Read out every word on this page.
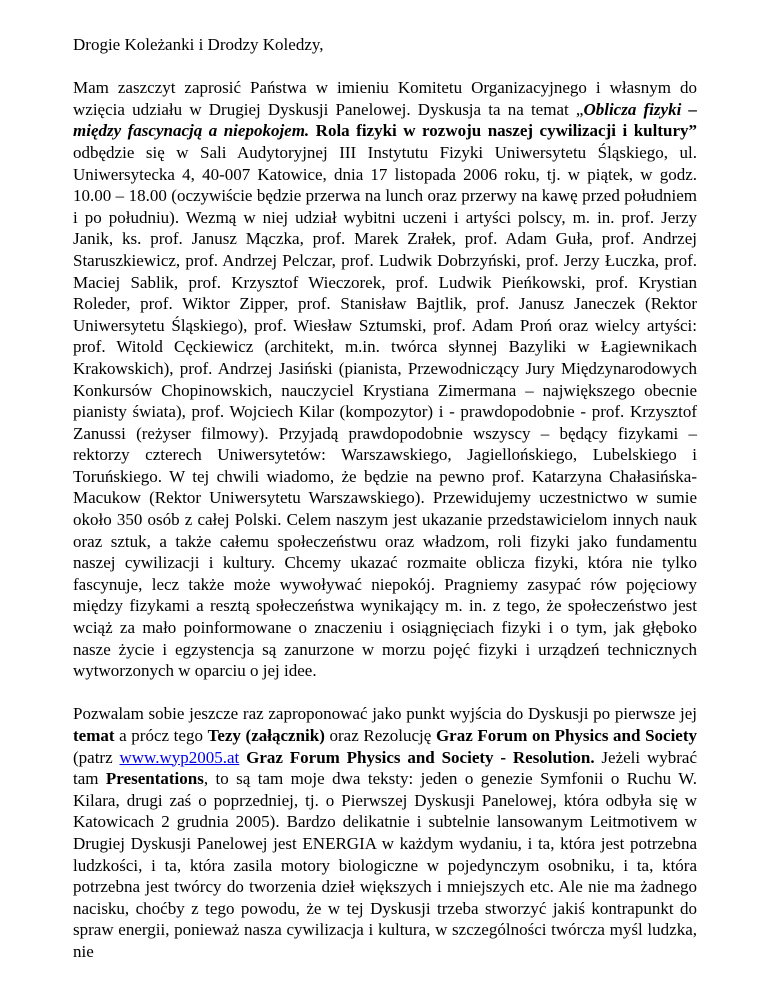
Drogie Koleżanki i Drodzy Koledzy,

Mam zaszczyt zaprosić Państwa w imieniu Komitetu Organizacyjnego i własnym do wzięcia udziału w Drugiej Dyskusji Panelowej. Dyskusja ta na temat „Oblicza fizyki – między fascynacją a niepokojem. Rola fizyki w rozwoju naszej cywilizacji i kultury” odbędzie się w Sali Audytoryjnej III Instytutu Fizyki Uniwersytetu Śląskiego, ul. Uniwersytecka 4, 40-007 Katowice, dnia 17 listopada 2006 roku, tj. w piątek, w godz. 10.00 – 18.00 (oczywiście będzie przerwa na lunch oraz przerwy na kawę przed południem i po południu). Wezmą w niej udział wybitni uczeni i artyści polscy, m. in. prof. Jerzy Janik, ks. prof. Janusz Mączka, prof. Marek Zrałek, prof. Adam Guła, prof. Andrzej Staruszkiewicz, prof. Andrzej Pelczar, prof. Ludwik Dobrzyński, prof. Jerzy Łuczka, prof. Maciej Sablik, prof. Krzysztof Wieczorek, prof. Ludwik Pieńkowski, prof. Krystian Roleder, prof. Wiktor Zipper, prof. Stanisław Bajtlik, prof. Janusz Janeczek (Rektor Uniwersytetu Śląskiego), prof. Wiesław Sztumski, prof. Adam Proń oraz wielcy artyści: prof. Witold Cęckiewicz (architekt, m.in. twórca słynnej Bazyliki w Łagiewnikach Krakowskich), prof. Andrzej Jasiński (pianista, Przewodniczący Jury Międzynarodowych Konkursów Chopinowskich, nauczyciel Krystiana Zimermana – największego obecnie pianisty świata), prof. Wojciech Kilar (kompozytor) i - prawdopodobnie - prof. Krzysztof Zanussi (reżyser filmowy). Przyjadą prawdopodobnie wszyscy – będący fizykami – rektorzy czterech Uniwersytetów: Warszawskiego, Jagiellońskiego, Lubelskiego i Toruńskiego. W tej chwili wiadomo, że będzie na pewno prof. Katarzyna Chałasińska-Macukow (Rektor Uniwersytetu Warszawskiego). Przewidujemy uczestnictwo w sumie około 350 osób z całej Polski. Celem naszym jest ukazanie przedstawicielom innych nauk oraz sztuk, a także całemu społeczeństwu oraz władzom, roli fizyki jako fundamentu naszej cywilizacji i kultury. Chcemy ukazać rozmaite oblicza fizyki, która nie tylko fascynuje, lecz także może wywoływać niepokój. Pragniemy zasypać rów pojęciowy między fizykami a resztą społeczeństwa wynikający m. in. z tego, że społeczeństwo jest wciąż za mało poinformowane o znaczeniu i osiągnięciach fizyki i o tym, jak głęboko nasze życie i egzystencja są zanurzone w morzu pojęć fizyki i urządzeń technicznych wytworzonych w oparciu o jej idee.

Pozwalam sobie jeszcze raz zaproponować jako punkt wyjścia do Dyskusji po pierwsze jej temat a prócz tego Tezy (załącznik) oraz Rezolucję Graz Forum on Physics and Society (patrz www.wyp2005.at Graz Forum Physics and Society - Resolution. Jeżeli wybrać tam Presentations, to są tam moje dwa teksty: jeden o genezie Symfonii o Ruchu W. Kilara, drugi zaś o poprzedniej, tj. o Pierwszej Dyskusji Panelowej, która odbyła się w Katowicach 2 grudnia 2005). Bardzo delikatnie i subtelnie lansowanym Leitmotivem w Drugiej Dyskusji Panelowej jest ENERGIA w każdym wydaniu, i ta, która jest potrzebna ludzkości, i ta, która zasila motory biologiczne w pojedynczym osobniku, i ta, która potrzebna jest twórcy do tworzenia dzieł większych i mniejszych etc. Ale nie ma żadnego nacisku, choćby z tego powodu, że w tej Dyskusji trzeba stworzyć jakiś kontrapunkt do spraw energii, ponieważ nasza cywilizacja i kultura, w szczególności twórcza myśl ludzka, nie
